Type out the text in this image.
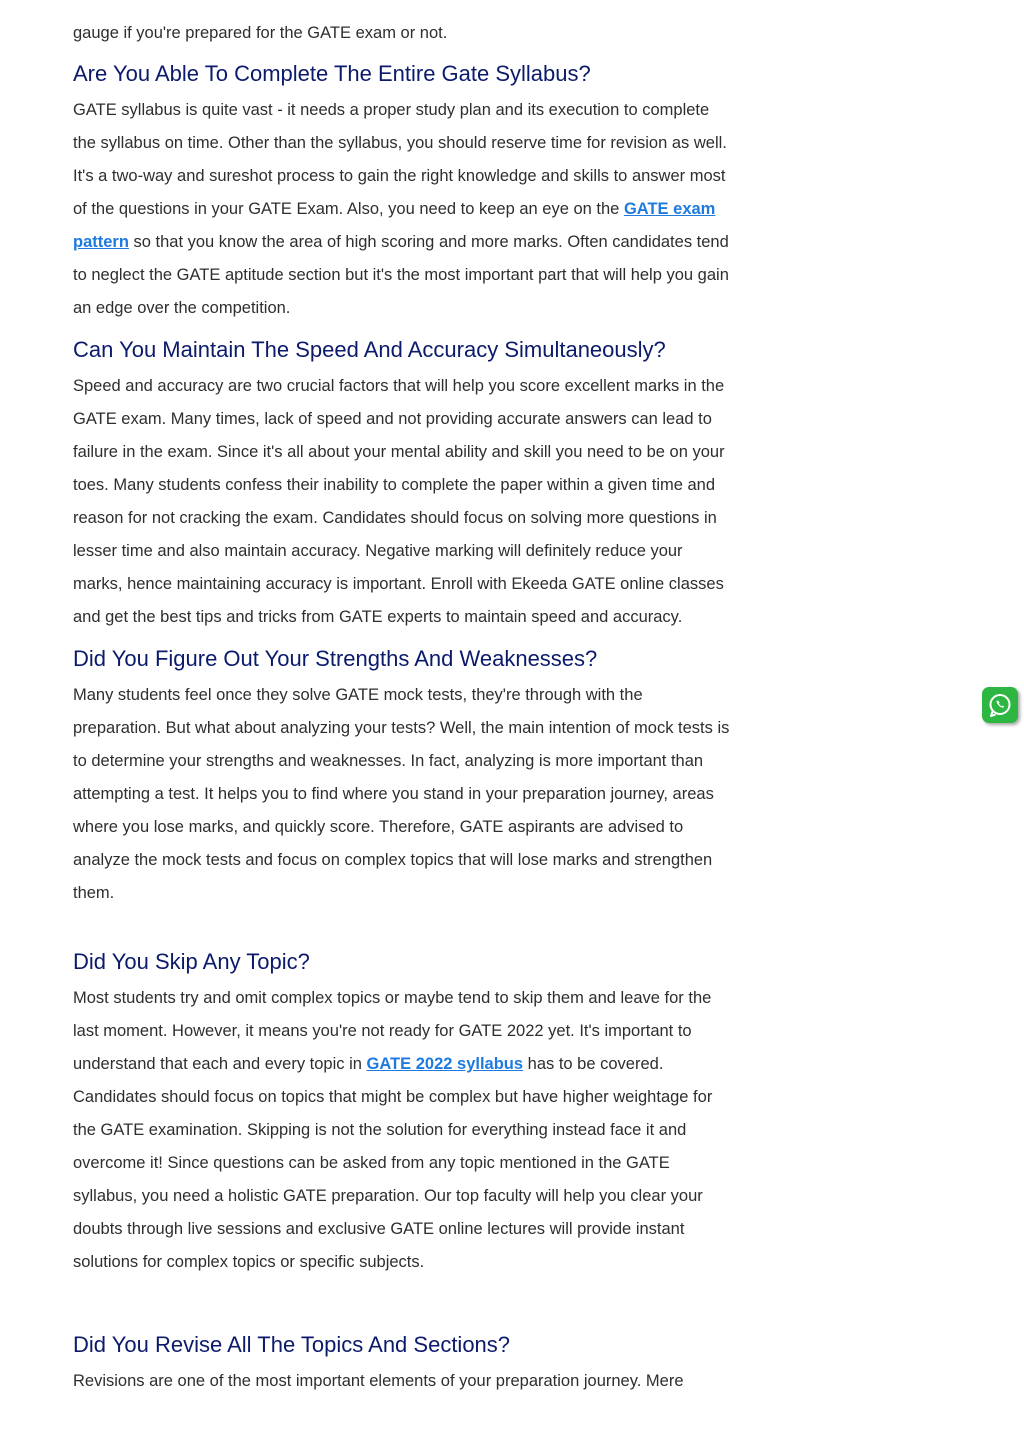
gauge if you're prepared for the GATE exam or not.

Are You Able To Complete The Entire Gate Syllabus?

GATE syllabus is quite vast - it needs a proper study plan and its execution to complete the syllabus on time. Other than the syllabus, you should reserve time for revision as well. It's a two-way and sureshot process to gain the right knowledge and skills to answer most of the questions in your GATE Exam. Also, you need to keep an eye on the GATE exam pattern so that you know the area of high scoring and more marks. Often candidates tend to neglect the GATE aptitude section but it's the most important part that will help you gain an edge over the competition.

Can You Maintain The Speed And Accuracy Simultaneously?

Speed and accuracy are two crucial factors that will help you score excellent marks in the GATE exam. Many times, lack of speed and not providing accurate answers can lead to failure in the exam. Since it's all about your mental ability and skill you need to be on your toes. Many students confess their inability to complete the paper within a given time and reason for not cracking the exam. Candidates should focus on solving more questions in lesser time and also maintain accuracy. Negative marking will definitely reduce your marks, hence maintaining accuracy is important. Enroll with Ekeeda GATE online classes and get the best tips and tricks from GATE experts to maintain speed and accuracy.

Did You Figure Out Your Strengths And Weaknesses?

Many students feel once they solve GATE mock tests, they're through with the preparation. But what about analyzing your tests? Well, the main intention of mock tests is to determine your strengths and weaknesses. In fact, analyzing is more important than attempting a test. It helps you to find where you stand in your preparation journey, areas where you lose marks, and quickly score. Therefore, GATE aspirants are advised to analyze the mock tests and focus on complex topics that will lose marks and strengthen them.

Did You Skip Any Topic?

Most students try and omit complex topics or maybe tend to skip them and leave for the last moment. However, it means you're not ready for GATE 2022 yet. It's important to understand that each and every topic in GATE 2022 syllabus has to be covered. Candidates should focus on topics that might be complex but have higher weightage for the GATE examination. Skipping is not the solution for everything instead face it and overcome it! Since questions can be asked from any topic mentioned in the GATE syllabus, you need a holistic GATE preparation. Our top faculty will help you clear your doubts through live sessions and exclusive GATE online lectures will provide instant solutions for complex topics or specific subjects.

Did You Revise All The Topics And Sections?

Revisions are one of the most important elements of your preparation journey. Mere
